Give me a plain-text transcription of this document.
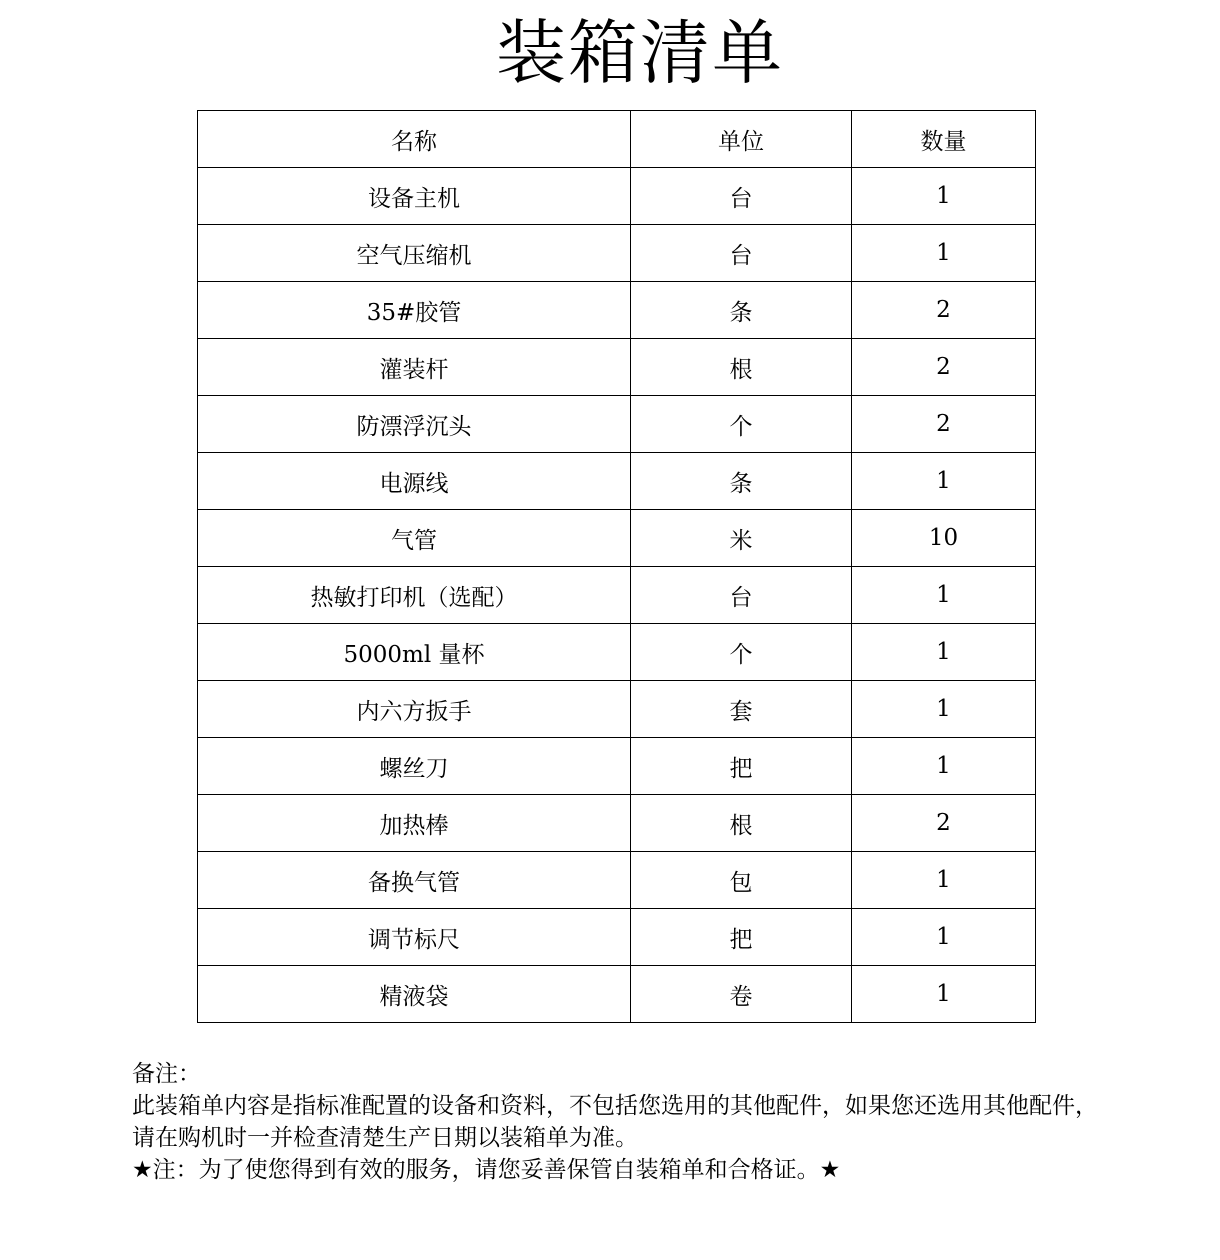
装箱清单
名称	单位	数量
设备主机	台	1
空气压缩机	台	1
35#胶管	条	2
灌装杆	根	2
防漂浮沉头	个	2
电源线	条	1
气管	米	10
热敏打印机（选配）	台	1
5000ml 量杯	个	1
内六方扳手	套	1
螺丝刀	把	1
加热棒	根	2
备换气管	包	1
调节标尺	把	1
精液袋	卷	1
备注：
此装箱单内容是指标准配置的设备和资料，不包括您选用的其他配件，如果您还选用其他配件，请在购机时一并检查清楚生产日期以装箱单为准。
★注：为了使您得到有效的服务，请您妥善保管自装箱单和合格证。★
